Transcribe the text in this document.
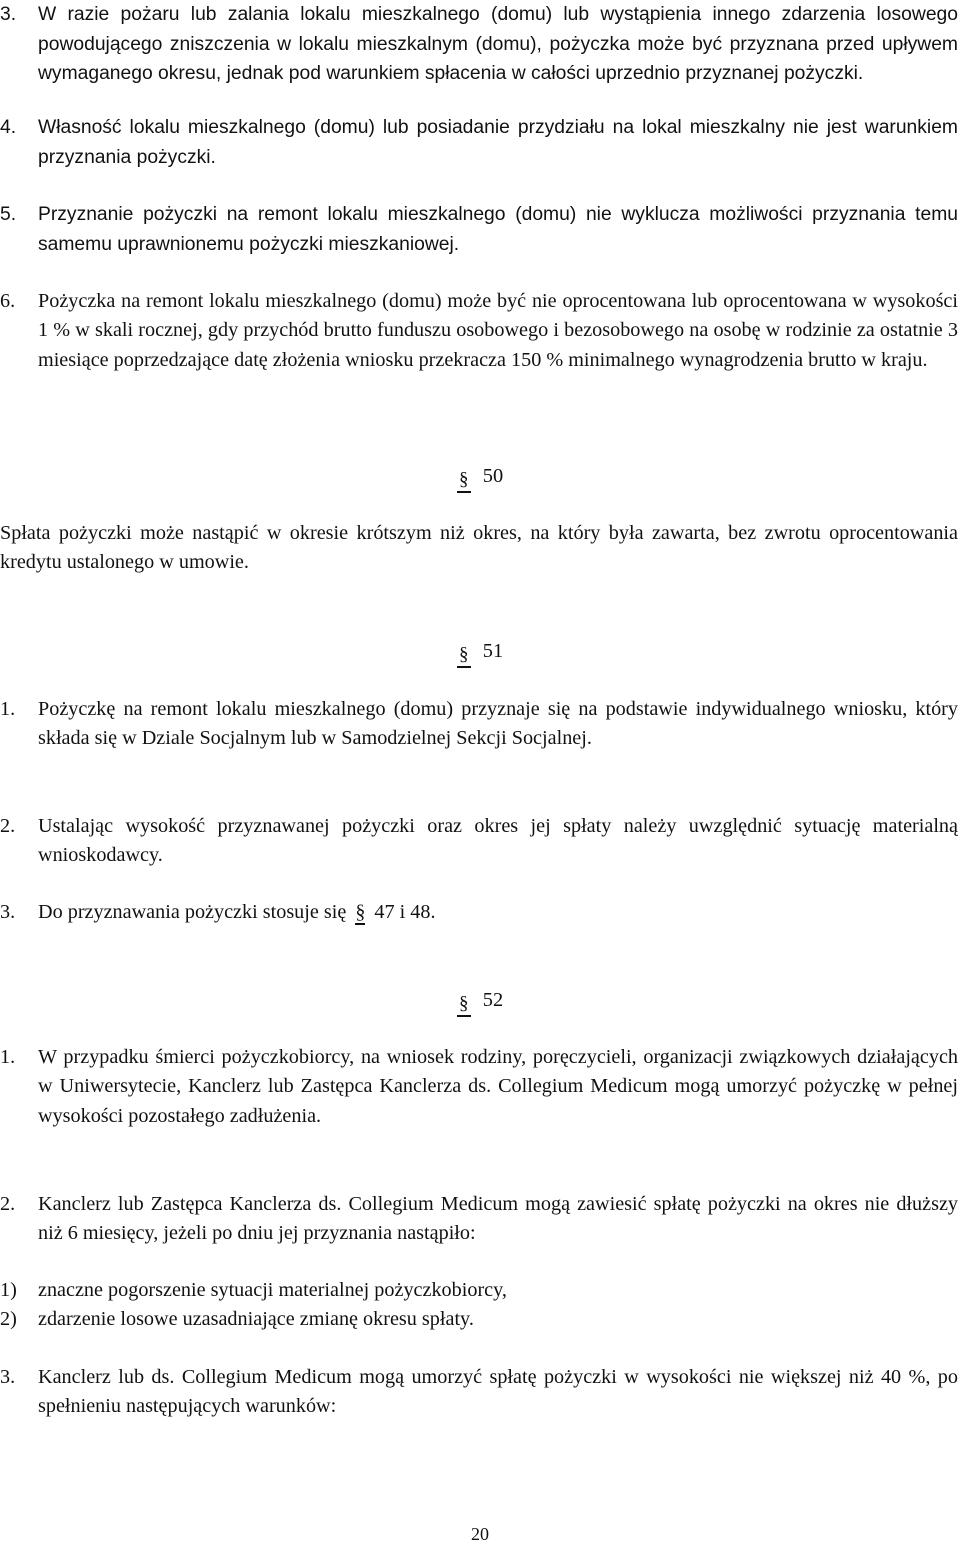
3.	W razie pożaru lub zalania lokalu mieszkalnego (domu) lub wystąpienia innego zdarzenia losowego powodującego zniszczenia w lokalu mieszkalnym (domu), pożyczka może być przyznana przed upływem wymaganego okresu, jednak pod warunkiem spłacenia w całości uprzednio przyznanej pożyczki.
4.	Własność lokalu mieszkalnego (domu) lub posiadanie przydziału na lokal mieszkalny nie jest warunkiem przyznania pożyczki.
5.	Przyznanie pożyczki na remont lokalu mieszkalnego (domu) nie wyklucza możliwości przyznania temu samemu uprawnionemu pożyczki mieszkaniowej.
6.	Pożyczka na remont lokalu mieszkalnego (domu) może być nie oprocentowana lub oprocentowana w wysokości 1 % w skali rocznej, gdy przychód brutto funduszu osobowego i bezosobowego na osobę w rodzinie za ostatnie 3 miesiące poprzedzające datę złożenia wniosku przekracza 150 % minimalnego wynagrodzenia brutto w kraju.
§ 50
Spłata pożyczki może nastąpić w okresie krótszym niż okres, na który była zawarta, bez zwrotu oprocentowania kredytu ustalonego w umowie.
§ 51
1.	Pożyczkę na remont lokalu mieszkalnego (domu) przyznaje się na podstawie indywidualnego wniosku, który składa się w Dziale Socjalnym lub w Samodzielnej Sekcji Socjalnej.
2.	Ustalając wysokość przyznawanej pożyczki oraz okres jej spłaty należy uwzględnić sytuację materialną wnioskodawcy.
3.	Do przyznawania pożyczki stosuje się § 47 i 48.
§ 52
1.	W przypadku śmierci pożyczkobiorcy, na wniosek rodziny, poręczycieli, organizacji związkowych działających w Uniwersytecie, Kanclerz lub Zastępca Kanclerza ds. Collegium Medicum mogą umorzyć pożyczkę w pełnej wysokości pozostałego zadłużenia.
2.	Kanclerz lub Zastępca Kanclerza ds. Collegium Medicum mogą zawiesić spłatę pożyczki na okres nie dłuższy niż 6 miesięcy, jeżeli po dniu jej przyznania nastąpiło:
1)	znaczne pogorszenie sytuacji materialnej pożyczkobiorcy,
2)	zdarzenie losowe uzasadniające zmianę okresu spłaty.
3.	Kanclerz lub ds. Collegium Medicum mogą umorzyć spłatę pożyczki w wysokości nie większej niż 40 %, po spełnieniu następujących warunków:
20
